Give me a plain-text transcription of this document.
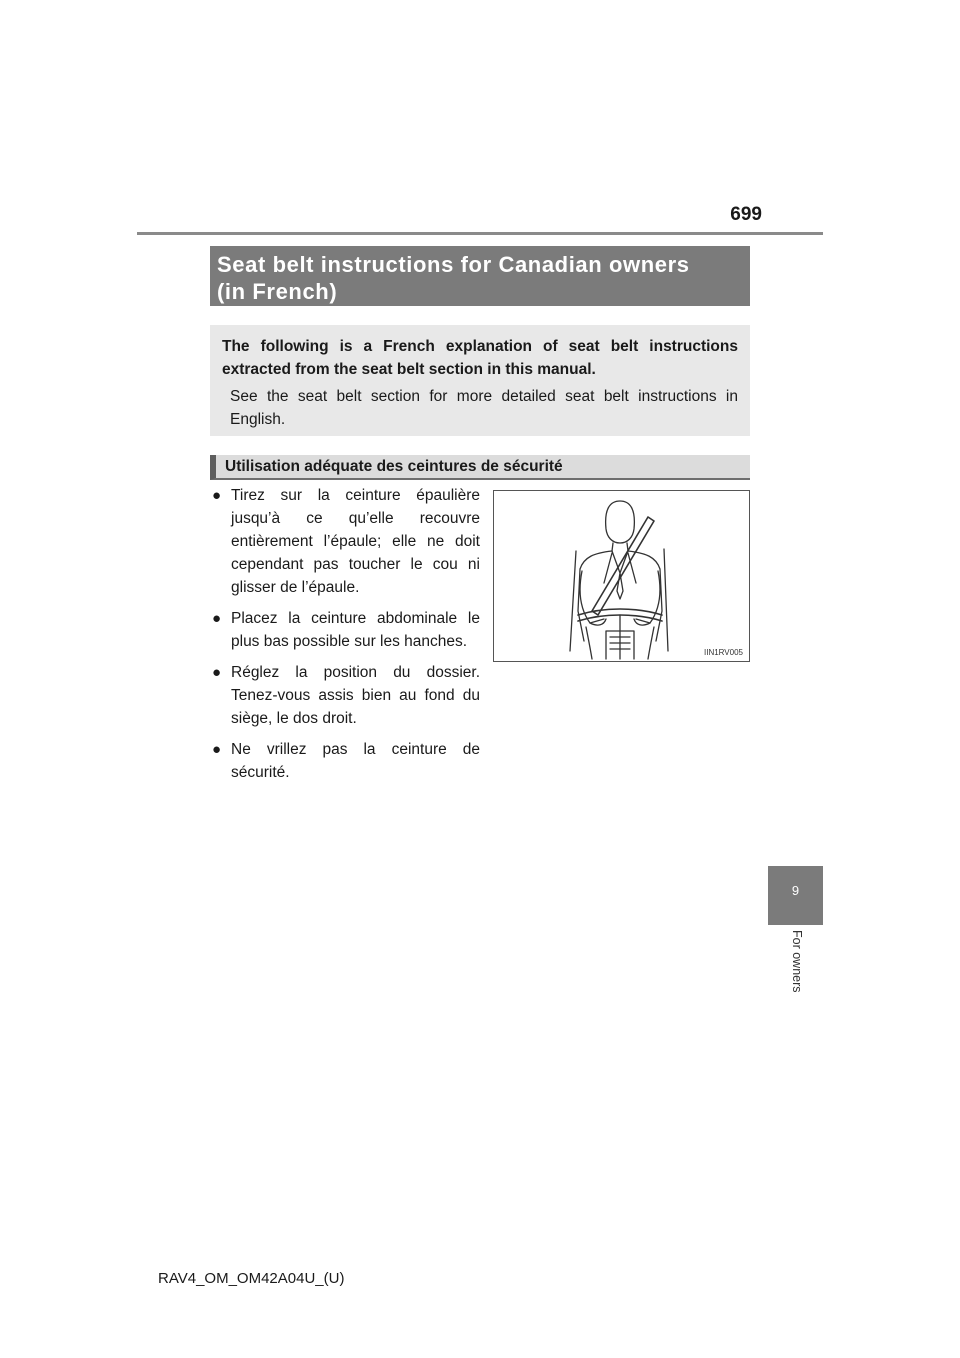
699
Seat belt instructions for Canadian owners
(in French)
The following is a French explanation of seat belt instructions extracted from the seat belt section in this manual.
See the seat belt section for more detailed seat belt instructions in English.
Utilisation adéquate des ceintures de sécurité
● Tirez sur la ceinture épaulière jusqu’à ce qu’elle recouvre entièrement l’épaule; elle ne doit cependant pas toucher le cou ni glisser de l’épaule.
● Placez la ceinture abdominale le plus bas possible sur les hanches.
● Réglez la position du dossier. Tenez-vous assis bien au fond du siège, le dos droit.
● Ne vrillez pas la ceinture de sécurité.
IIN1RV005
9
For owners
RAV4_OM_OM42A04U_(U)
